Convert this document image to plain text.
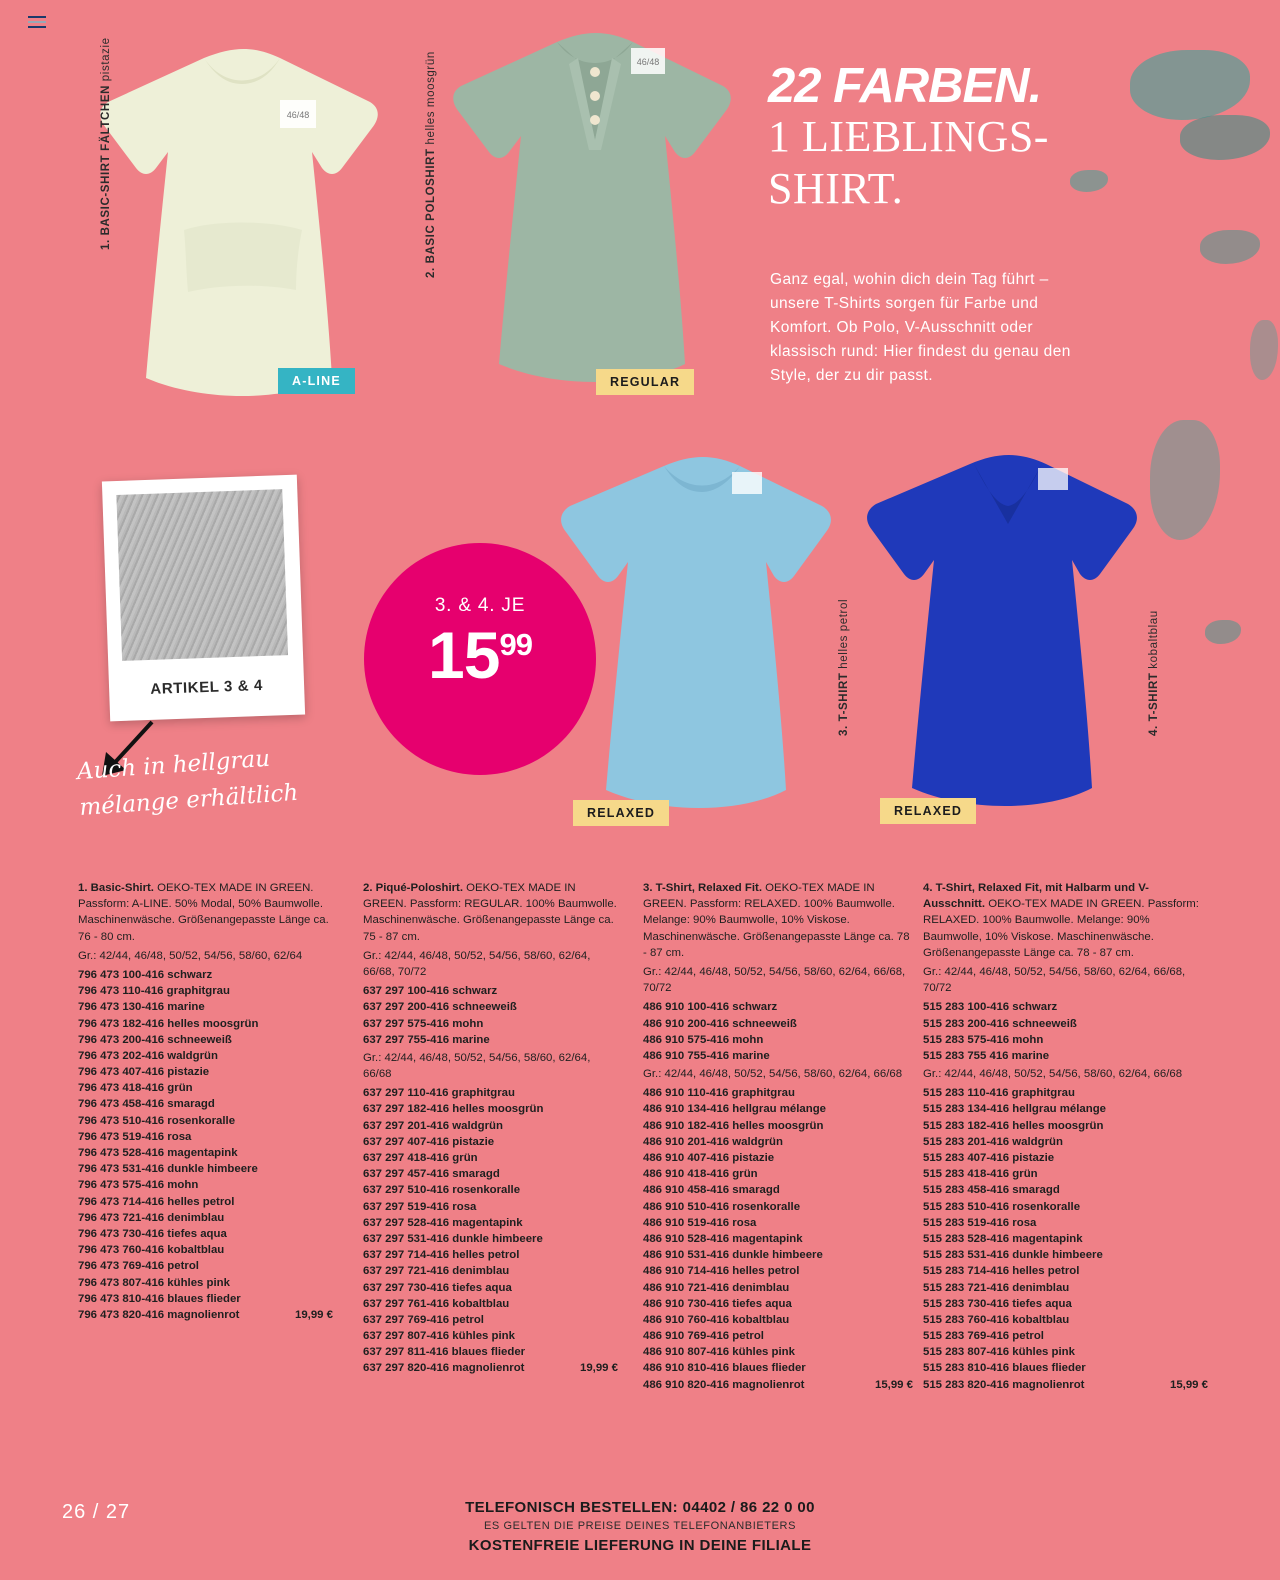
22 FARBEN.
1 LIEBLINGS-
SHIRT.
Ganz egal, wohin dich dein Tag führt – unsere T-Shirts sorgen für Farbe und Komfort. Ob Polo, V-Ausschnitt oder klassisch rund: Hier findest du genau den Style, der zu dir passt.
46/48
1. BASIC-SHIRT FÄLTCHEN pistazie
A-LINE
46/48
2. BASIC POLOSHIRT helles moosgrün
REGULAR
3. T-SHIRT helles petrol
RELAXED
4. T-SHIRT kobaltblau
RELAXED
ARTIKEL 3 & 4
Auch in hellgrau mélange erhältlich
3. & 4. JE
$15^{99}$
1. Basic-Shirt. OEKO-TEX MADE IN GREEN. Passform: A-LINE. 50% Modal, 50% Baumwolle. Maschinenwäsche. Größenangepasste Länge ca. 76 - 80 cm.
Gr.: 42/44, 46/48, 50/52, 54/56, 58/60, 62/64
796 473 100-416 schwarz
796 473 110-416 graphitgrau
796 473 130-416 marine
796 473 182-416 helles moosgrün
796 473 200-416 schneeweiß
796 473 202-416 waldgrün
796 473 407-416 pistazie
796 473 418-416 grün
796 473 458-416 smaragd
796 473 510-416 rosenkoralle
796 473 519-416 rosa
796 473 528-416 magentapink
796 473 531-416 dunkle himbeere
796 473 575-416 mohn
796 473 714-416 helles petrol
796 473 721-416 denimblau
796 473 730-416 tiefes aqua
796 473 760-416 kobaltblau
796 473 769-416 petrol
796 473 807-416 kühles pink
796 473 810-416 blaues flieder
796 473 820-416 magnolienrot	19,99 €
2. Piqué-Poloshirt. OEKO-TEX MADE IN GREEN. Passform: REGULAR. 100% Baumwolle. Maschinenwäsche. Größenangepasste Länge ca. 75 - 87 cm.
Gr.: 42/44, 46/48, 50/52, 54/56, 58/60, 62/64, 66/68, 70/72
637 297 100-416 schwarz
637 297 200-416 schneeweiß
637 297 575-416 mohn
637 297 755-416 marine
Gr.: 42/44, 46/48, 50/52, 54/56, 58/60, 62/64, 66/68
637 297 110-416 graphitgrau
637 297 182-416 helles moosgrün
637 297 201-416 waldgrün
637 297 407-416 pistazie
637 297 418-416 grün
637 297 457-416 smaragd
637 297 510-416 rosenkoralle
637 297 519-416 rosa
637 297 528-416 magentapink
637 297 531-416 dunkle himbeere
637 297 714-416 helles petrol
637 297 721-416 denimblau
637 297 730-416 tiefes aqua
637 297 761-416 kobaltblau
637 297 769-416 petrol
637 297 807-416 kühles pink
637 297 811-416 blaues flieder
637 297 820-416 magnolienrot	19,99 €
3. T-Shirt, Relaxed Fit. OEKO-TEX MADE IN GREEN. Passform: RELAXED. 100% Baumwolle. Melange: 90% Baumwolle, 10% Viskose. Maschinenwäsche. Größenangepasste Länge ca. 78 - 87 cm.
Gr.: 42/44, 46/48, 50/52, 54/56, 58/60, 62/64, 66/68, 70/72
486 910 100-416 schwarz
486 910 200-416 schneeweiß
486 910 575-416 mohn
486 910 755-416 marine
Gr.: 42/44, 46/48, 50/52, 54/56, 58/60, 62/64, 66/68
486 910 110-416 graphitgrau
486 910 134-416 hellgrau mélange
486 910 182-416 helles moosgrün
486 910 201-416 waldgrün
486 910 407-416 pistazie
486 910 418-416 grün
486 910 458-416 smaragd
486 910 510-416 rosenkoralle
486 910 519-416 rosa
486 910 528-416 magentapink
486 910 531-416 dunkle himbeere
486 910 714-416 helles petrol
486 910 721-416 denimblau
486 910 730-416 tiefes aqua
486 910 760-416 kobaltblau
486 910 769-416 petrol
486 910 807-416 kühles pink
486 910 810-416 blaues flieder
486 910 820-416 magnolienrot	15,99 €
4. T-Shirt, Relaxed Fit, mit Halbarm und V-Ausschnitt. OEKO-TEX MADE IN GREEN. Passform: RELAXED. 100% Baumwolle. Melange: 90% Baumwolle, 10% Viskose. Maschinenwäsche. Größenangepasste Länge ca. 78 - 87 cm.
Gr.: 42/44, 46/48, 50/52, 54/56, 58/60, 62/64, 66/68, 70/72
515 283 100-416 schwarz
515 283 200-416 schneeweiß
515 283 575-416 mohn
515 283 755 416 marine
Gr.: 42/44, 46/48, 50/52, 54/56, 58/60, 62/64, 66/68
515 283 110-416 graphitgrau
515 283 134-416 hellgrau mélange
515 283 182-416 helles moosgrün
515 283 201-416 waldgrün
515 283 407-416 pistazie
515 283 418-416 grün
515 283 458-416 smaragd
515 283 510-416 rosenkoralle
515 283 519-416 rosa
515 283 528-416 magentapink
515 283 531-416 dunkle himbeere
515 283 714-416 helles petrol
515 283 721-416 denimblau
515 283 730-416 tiefes aqua
515 283 760-416 kobaltblau
515 283 769-416 petrol
515 283 807-416 kühles pink
515 283 810-416 blaues flieder
515 283 820-416 magnolienrot	15,99 €
TELEFONISCH BESTELLEN: 04402 / 86 22 0 00
ES GELTEN DIE PREISE DEINES TELEFONANBIETERS
KOSTENFREIE LIEFERUNG IN DEINE FILIALE
26 / 27
